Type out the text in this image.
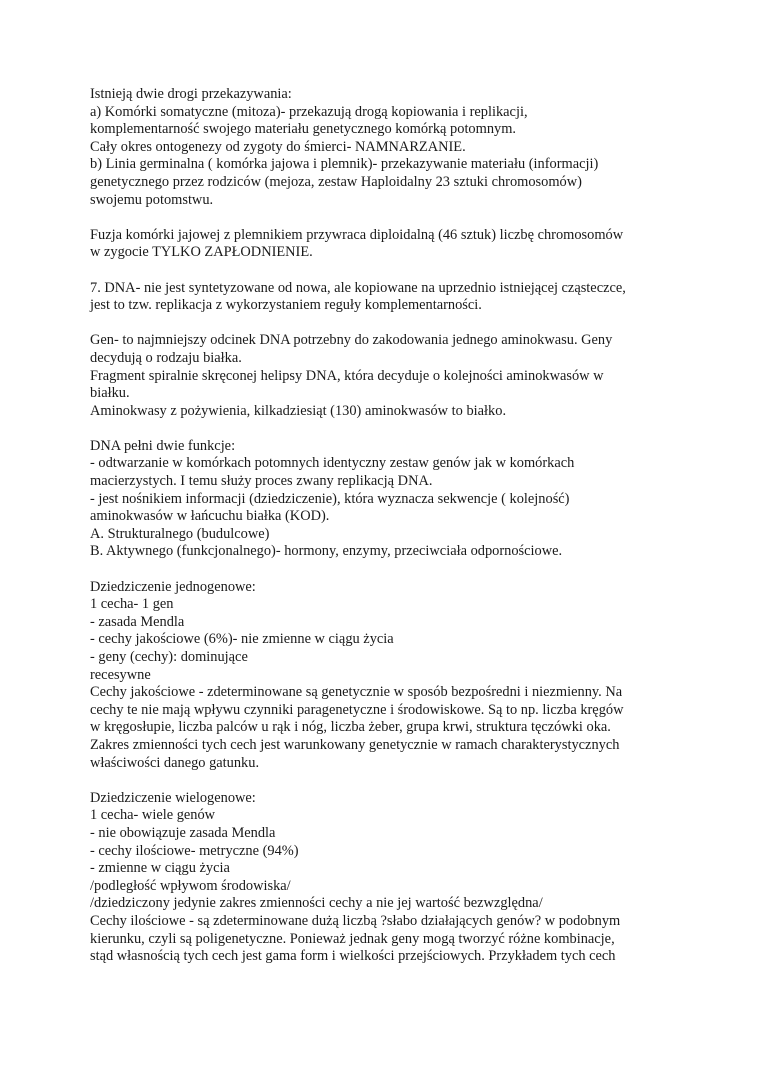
Istnieją dwie drogi przekazywania:

a) Komórki somatyczne (mitoza)- przekazują drogą kopiowania i replikacji,

komplementarność swojego materiału genetycznego komórką potomnym.

Cały okres ontogenezy od zygoty do śmierci- NAMNARZANIE.

b) Linia germinalna ( komórka jajowa i plemnik)- przekazywanie materiału (informacji)

genetycznego przez rodziców (mejoza, zestaw Haploidalny 23 sztuki chromosomów)

swojemu potomstwu.

Fuzja komórki jajowej z plemnikiem przywraca diploidalną (46 sztuk) liczbę chromosomów

w zygocie TYLKO ZAPŁODNIENIE.

7. DNA- nie jest syntetyzowane od nowa, ale kopiowane na uprzednio istniejącej cząsteczce,

jest to tzw. replikacja z wykorzystaniem reguły komplementarności.

Gen- to najmniejszy odcinek DNA potrzebny do zakodowania jednego aminokwasu. Geny

decydują o rodzaju białka.

Fragment spiralnie skręconej helipsy DNA, która decyduje o kolejności aminokwasów w

białku.

Aminokwasy z pożywienia, kilkadziesiąt (130) aminokwasów to białko.

DNA pełni dwie funkcje:

- odtwarzanie w komórkach potomnych identyczny zestaw genów jak w komórkach

macierzystych. I temu służy proces zwany replikacją DNA.

- jest nośnikiem informacji (dziedziczenie), która wyznacza sekwencje ( kolejność)

aminokwasów w łańcuchu białka (KOD).

A. Strukturalnego (budulcowe)

B. Aktywnego (funkcjonalnego)- hormony, enzymy, przeciwciała odpornościowe.

Dziedziczenie jednogenowe:

1 cecha- 1 gen

- zasada Mendla

- cechy jakościowe (6%)- nie zmienne w ciągu życia

- geny (cechy): dominujące

recesywne

Cechy jakościowe - zdeterminowane są genetycznie w sposób bezpośredni i niezmienny. Na

cechy te nie mają wpływu czynniki paragenetyczne i środowiskowe. Są to np. liczba kręgów

w kręgosłupie, liczba palców u rąk i nóg, liczba żeber, grupa krwi, struktura tęczówki oka.

Zakres zmienności tych cech jest warunkowany genetycznie w ramach charakterystycznych

właściwości danego gatunku.

Dziedziczenie wielogenowe:

1 cecha- wiele genów

- nie obowiązuje zasada Mendla

- cechy ilościowe- metryczne (94%)

- zmienne w ciągu życia

/podległość wpływom środowiska/

/dziedziczony jedynie zakres zmienności cechy a nie jej wartość bezwzględna/

Cechy ilościowe - są zdeterminowane dużą liczbą ?słabo działających genów? w podobnym

kierunku, czyli są poligenetyczne. Ponieważ jednak geny mogą tworzyć różne kombinacje,

stąd własnością tych cech jest gama form i wielkości przejściowych. Przykładem tych cech
